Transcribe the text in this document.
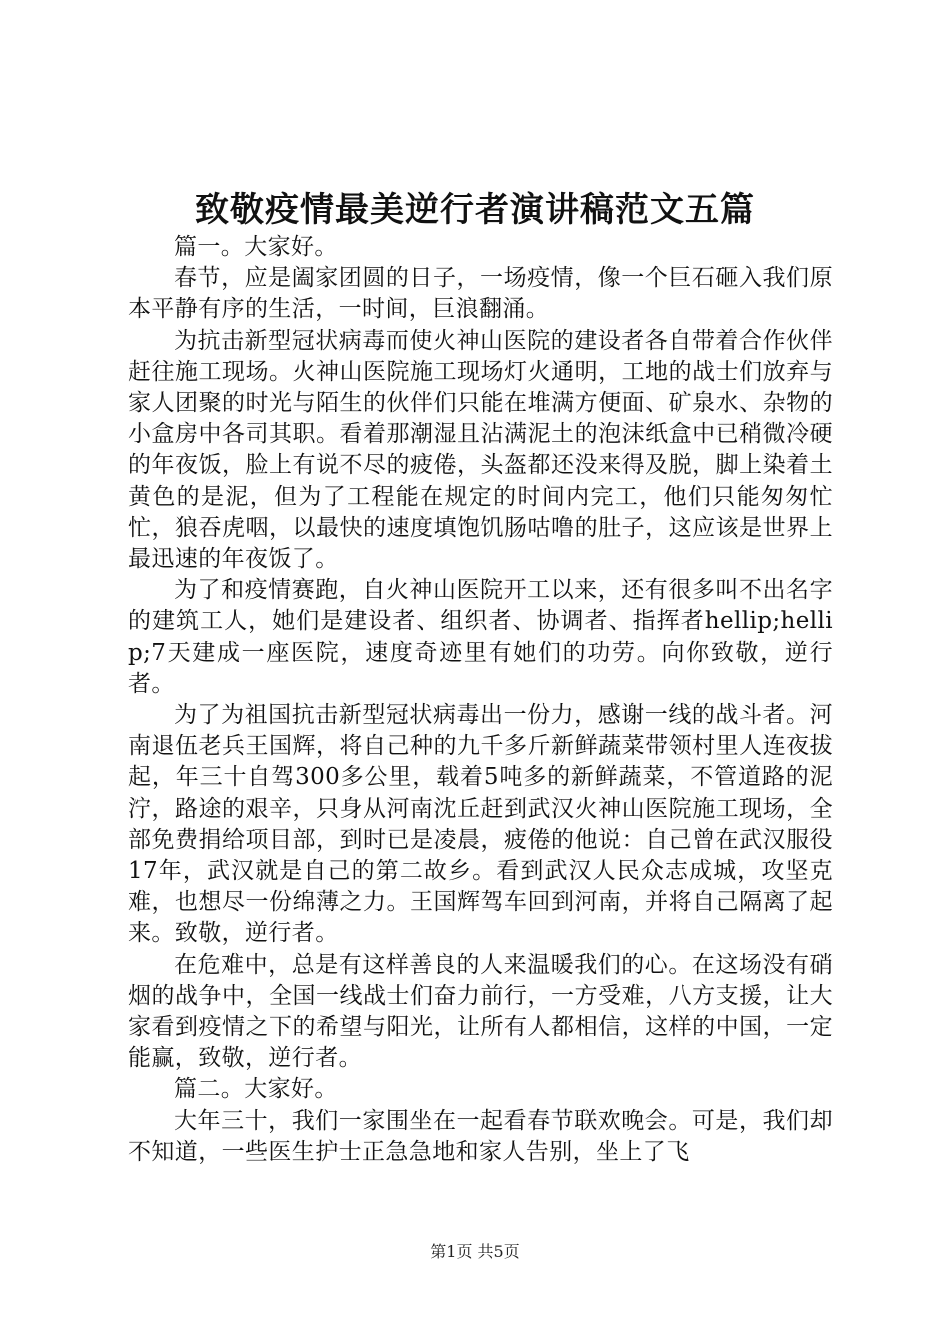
致敬疫情最美逆行者演讲稿范文五篇

篇一。大家好。

春节，应是阖家团圆的日子，一场疫情，像一个巨石砸入我们原本平静有序的生活，一时间，巨浪翻涌。

为抗击新型冠状病毒而使火神山医院的建设者各自带着合作伙伴赶往施工现场。火神山医院施工现场灯火通明，工地的战士们放弃与家人团聚的时光与陌生的伙伴们只能在堆满方便面、矿泉水、杂物的小盒房中各司其职。看着那潮湿且沾满泥土的泡沫纸盒中已稍微冷硬的年夜饭，脸上有说不尽的疲倦，头盔都还没来得及脱，脚上染着土黄色的是泥，但为了工程能在规定的时间内完工，他们只能匆匆忙忙，狼吞虎咽，以最快的速度填饱饥肠咕噜的肚子，这应该是世界上最迅速的年夜饭了。

为了和疫情赛跑，自火神山医院开工以来，还有很多叫不出名字的建筑工人，她们是建设者、组织者、协调者、指挥者hellip;hellip;7天建成一座医院，速度奇迹里有她们的功劳。向你致敬，逆行者。

为了为祖国抗击新型冠状病毒出一份力，感谢一线的战斗者。河南退伍老兵王国辉，将自己种的九千多斤新鲜蔬菜带领村里人连夜拔起，年三十自驾300多公里，载着5吨多的新鲜蔬菜，不管道路的泥泞，路途的艰辛，只身从河南沈丘赶到武汉火神山医院施工现场，全部免费捐给项目部，到时已是凌晨，疲倦的他说：自己曾在武汉服役17年，武汉就是自己的第二故乡。看到武汉人民众志成城，攻坚克难，也想尽一份绵薄之力。王国辉驾车回到河南，并将自己隔离了起来。致敬，逆行者。

在危难中，总是有这样善良的人来温暖我们的心。在这场没有硝烟的战争中，全国一线战士们奋力前行，一方受难，八方支援，让大家看到疫情之下的希望与阳光，让所有人都相信，这样的中国，一定能赢，致敬，逆行者。

篇二。大家好。

大年三十，我们一家围坐在一起看春节联欢晚会。可是，我们却不知道，一些医生护士正急急地和家人告别，坐上了飞

第1页 共5页
